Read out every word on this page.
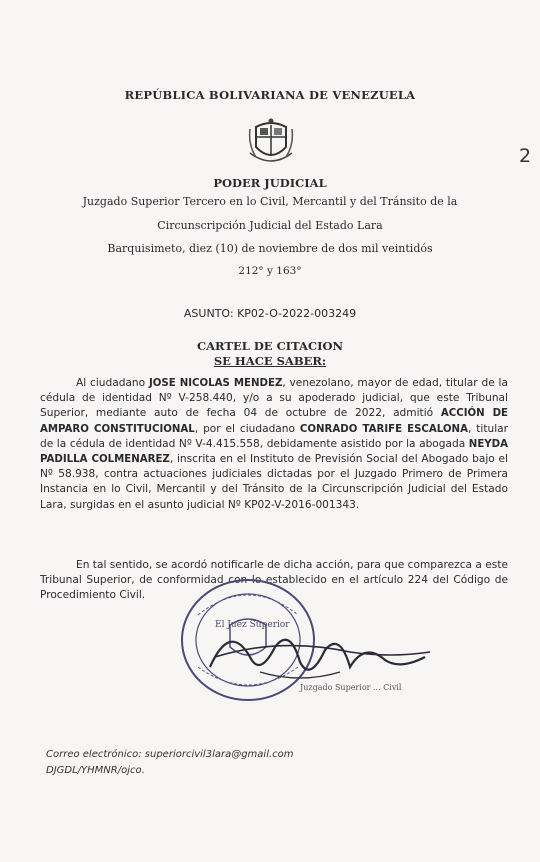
REPÚBLICA BOLIVARIANA DE VENEZUELA
2
PODER JUDICIAL
Juzgado Superior Tercero en lo Civil, Mercantil y del Tránsito de la
Circunscripción Judicial del Estado Lara
Barquisimeto, diez (10) de noviembre de dos mil veintidós
212° y 163°
ASUNTO: KP02-O-2022-003249
CARTEL DE CITACION
SE HACE SABER:
Al ciudadano JOSE NICOLAS MENDEZ, venezolano, mayor de edad, titular de la cédula de identidad Nº V-258.440, y/o a su apoderado judicial, que este Tribunal Superior, mediante auto de fecha 04 de octubre de 2022, admitió ACCIÓN DE AMPARO CONSTITUCIONAL, por el ciudadano CONRADO TARIFE ESCALONA, titular de la cédula de identidad Nº V-4.415.558, debidamente asistido por la abogada NEYDA PADILLA COLMENAREZ, inscrita en el Instituto de Previsión Social del Abogado bajo el Nº 58.938, contra actuaciones judiciales dictadas por el Juzgado Primero de Primera Instancia en lo Civil, Mercantil y del Tránsito de la Circunscripción Judicial del Estado Lara, surgidas en el asunto judicial Nº KP02-V-2016-001343.
En tal sentido, se acordó notificarle de dicha acción, para que comparezca a este Tribunal Superior, de conformidad con lo establecido en el artículo 224 del Código de Procedimiento Civil.
El Juez Superior
Juzgado Superior ... Civil
Correo electrónico: superiorcivil3lara@gmail.com
DJGDL/YHMNR/ojco.
